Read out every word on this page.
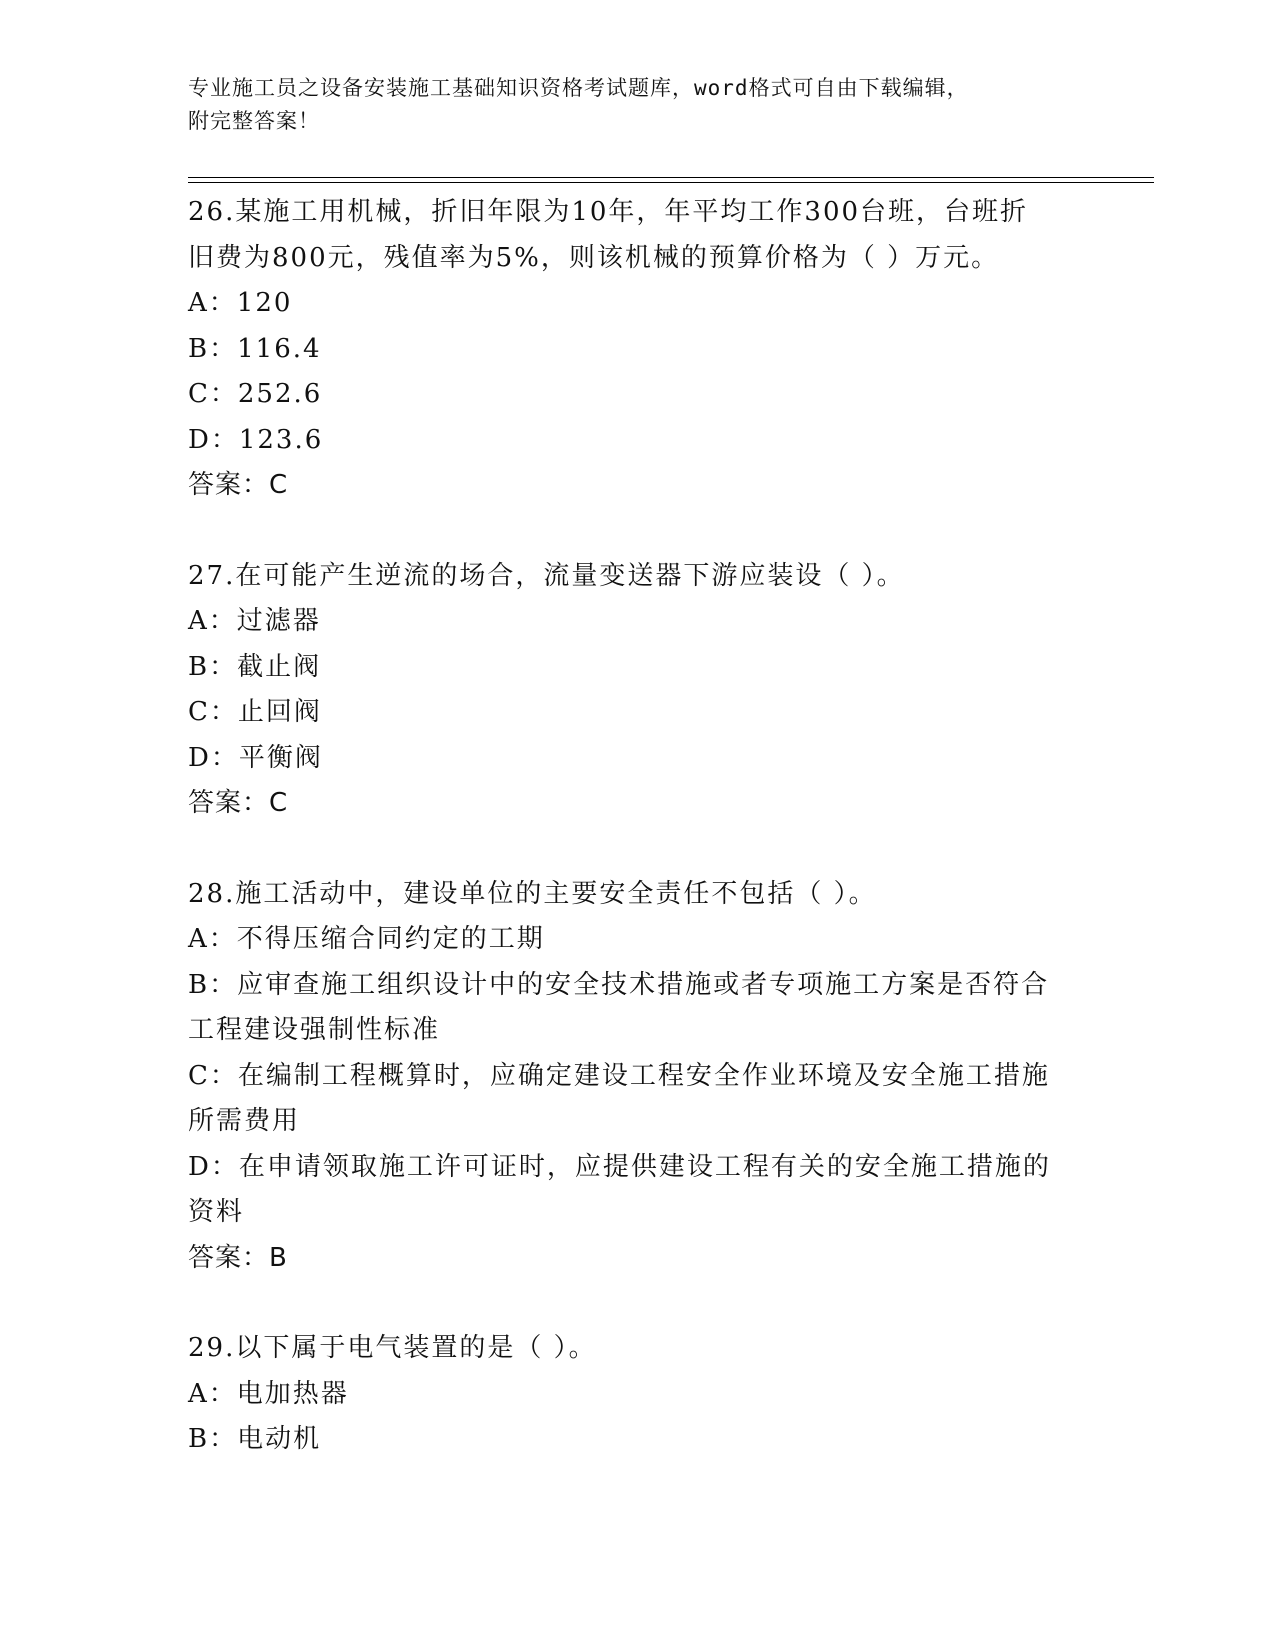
专业施工员之设备安装施工基础知识资格考试题库，word格式可自由下载编辑，
附完整答案！
26.某施工用机械，折旧年限为10年，年平均工作300台班，台班折
旧费为800元，残值率为5%，则该机械的预算价格为（ ）万元。
A：120
B：116.4
C：252.6
D：123.6
答案：C
27.在可能产生逆流的场合，流量变送器下游应装设（ ）。
A：过滤器
B：截止阀
C：止回阀
D：平衡阀
答案：C
28.施工活动中，建设单位的主要安全责任不包括（ ）。
A：不得压缩合同约定的工期
B：应审查施工组织设计中的安全技术措施或者专项施工方案是否符合
工程建设强制性标准
C：在编制工程概算时，应确定建设工程安全作业环境及安全施工措施
所需费用
D：在申请领取施工许可证时，应提供建设工程有关的安全施工措施的
资料
答案：B
29.以下属于电气装置的是（ ）。
A：电加热器
B：电动机
